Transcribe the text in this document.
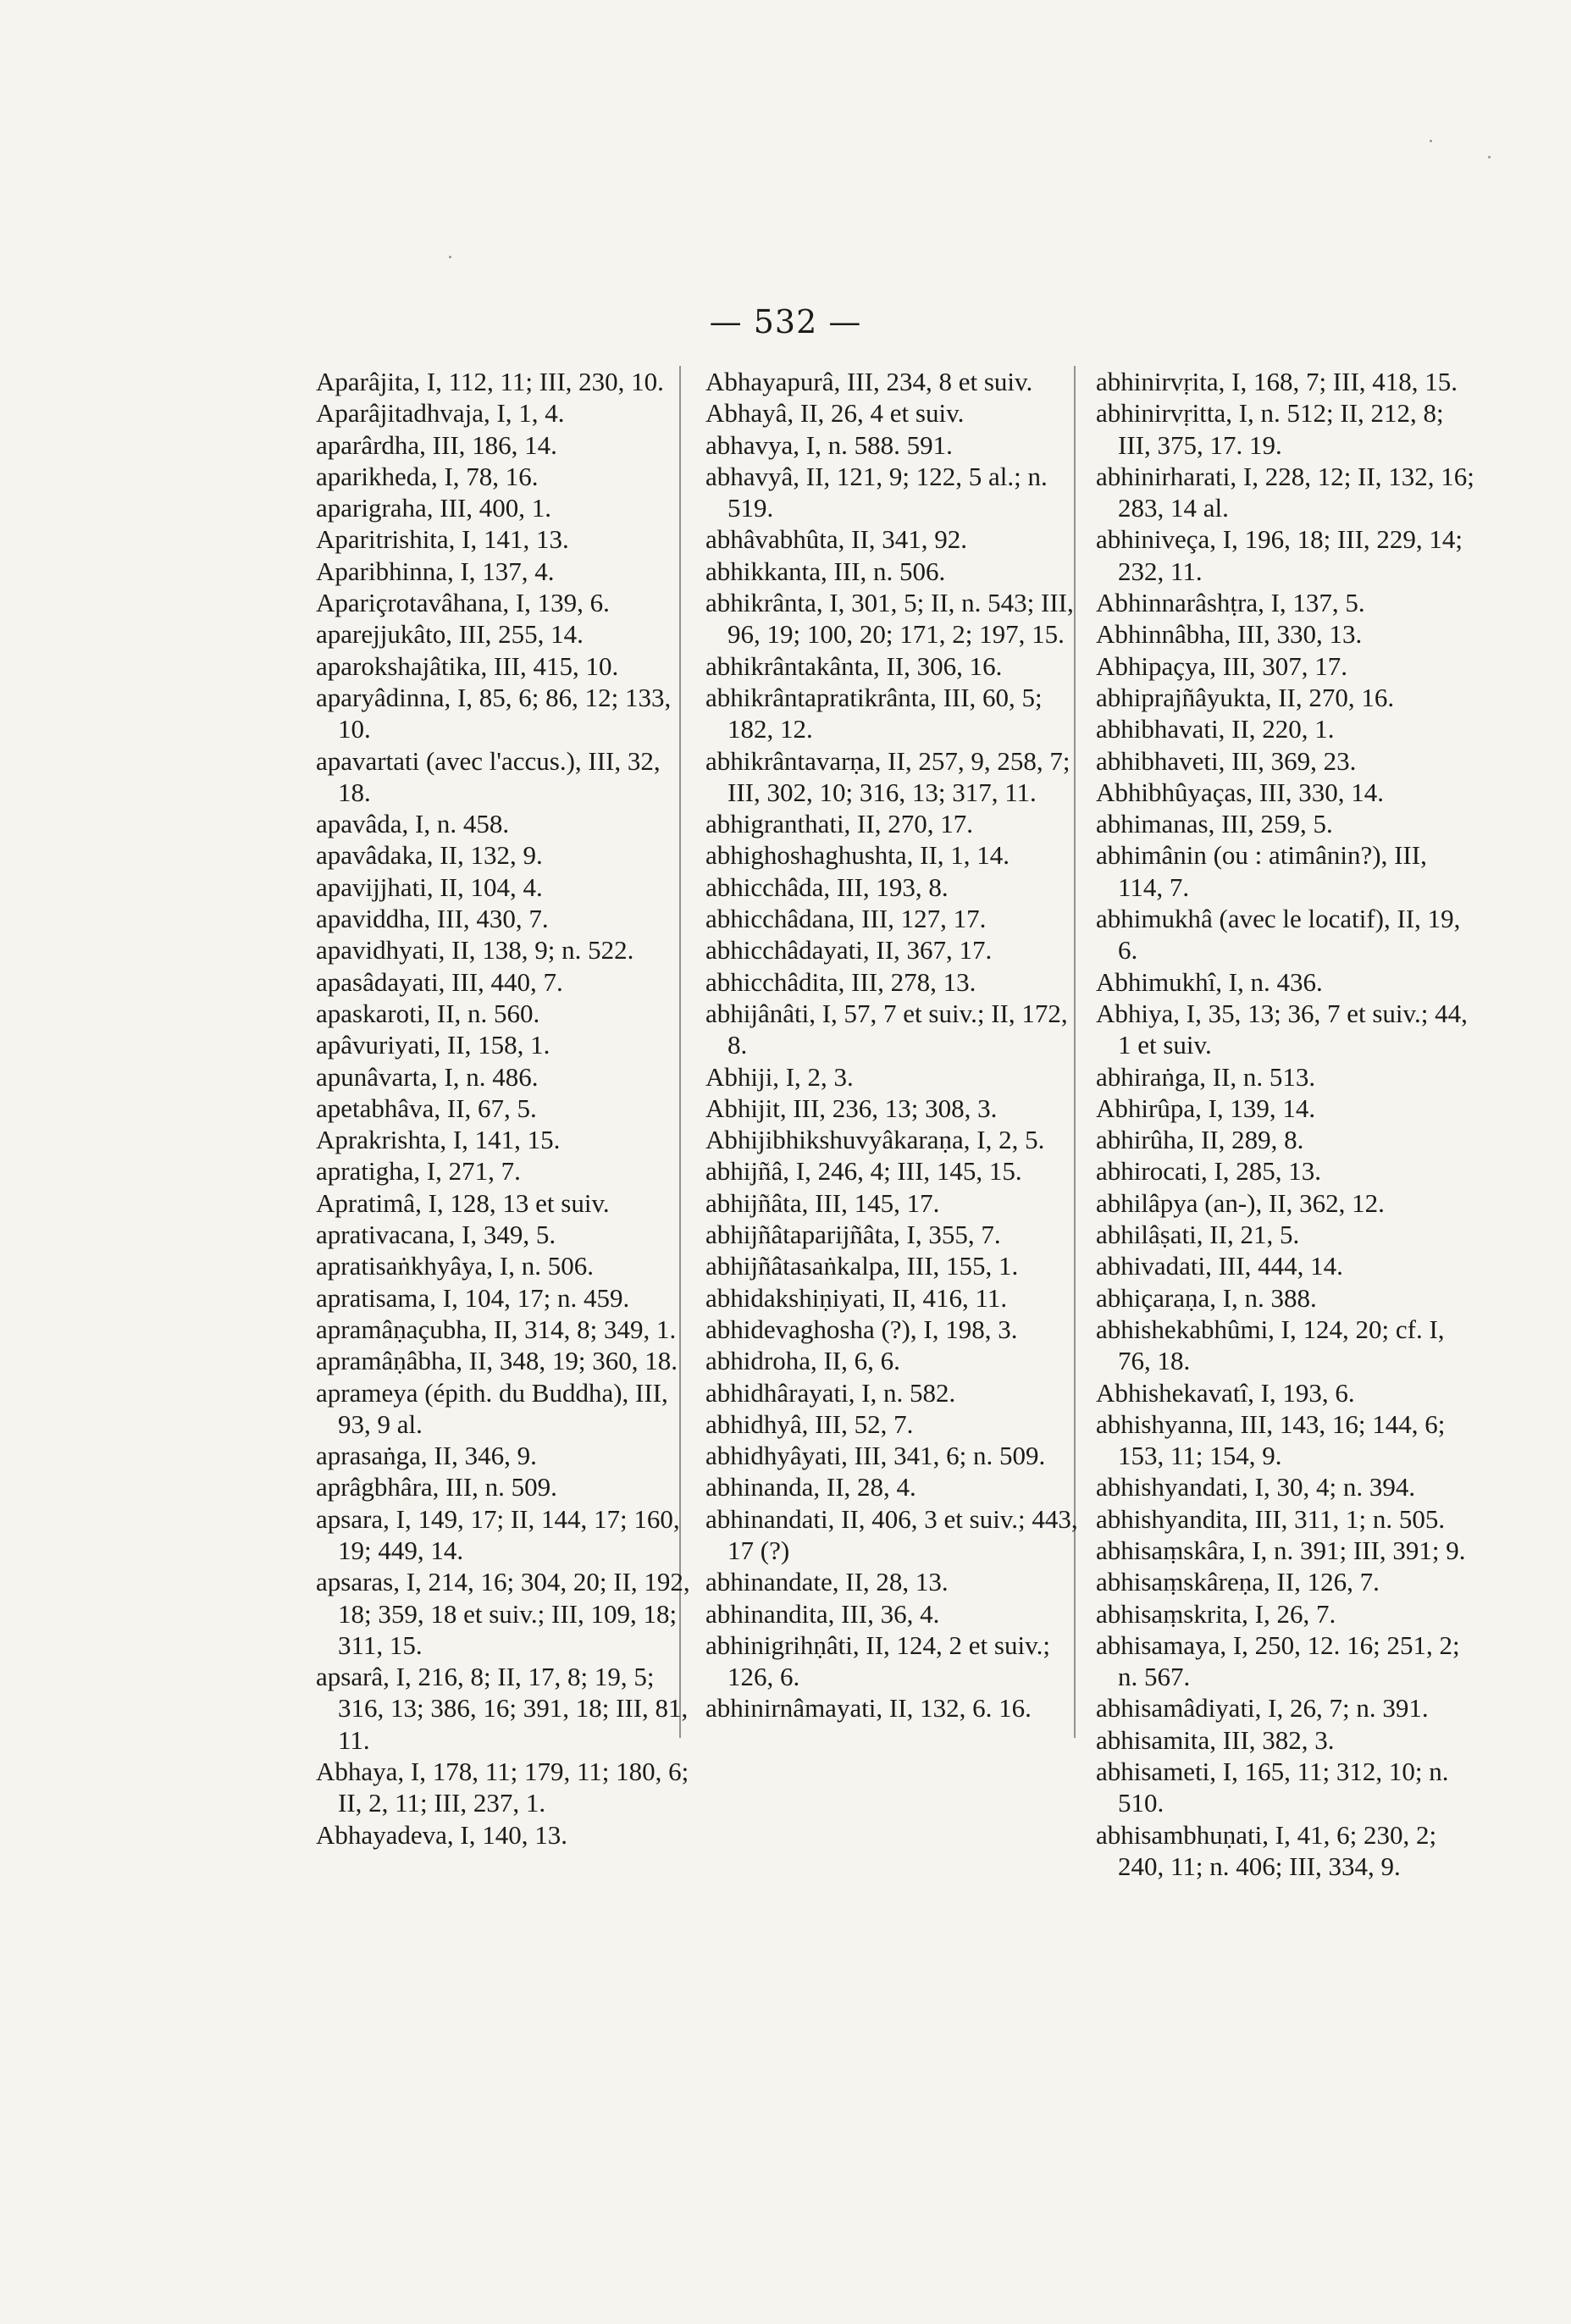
— 532 —
Aparâjita, I, 112, 11; III, 230, 10.
Aparâjitadhvaja, I, 1, 4.
aparârdha, III, 186, 14.
aparikheda, I, 78, 16.
aparigraha, III, 400, 1.
Aparitrishita, I, 141, 13.
Aparibhinna, I, 137, 4.
Apariçrotavâhana, I, 139, 6.
aparejjukâto, III, 255, 14.
aparokshajâtika, III, 415, 10.
aparyâdinna, I, 85, 6; 86, 12; 133, 10.
apavartati (avec l'accus.), III, 32, 18.
apavâda, I, n. 458.
apavâdaka, II, 132, 9.
apavijjhati, II, 104, 4.
apaviddha, III, 430, 7.
apavidhyati, II, 138, 9; n. 522.
apasâdayati, III, 440, 7.
apaskaroti, II, n. 560.
apâvuriyati, II, 158, 1.
apunâvarta, I, n. 486.
apetabhâva, II, 67, 5.
Aprakrishta, I, 141, 15.
apratigha, I, 271, 7.
Apratimâ, I, 128, 13 et suiv.
aprativacana, I, 349, 5.
apratisaṅkhyâya, I, n. 506.
apratisama, I, 104, 17; n. 459.
apramâṇaçubha, II, 314, 8; 349, 1.
apramâṇâbha, II, 348, 19; 360, 18.
aprameya (épith. du Buddha), III, 93, 9 al.
aprasaṅga, II, 346, 9.
aprâgbhâra, III, n. 509.
apsara, I, 149, 17; II, 144, 17; 160, 19; 449, 14.
apsaras, I, 214, 16; 304, 20; II, 192, 18; 359, 18 et suiv.; III, 109, 18; 311, 15.
apsarâ, I, 216, 8; II, 17, 8; 19, 5; 316, 13; 386, 16; 391, 18; III, 81, 11.
Abhaya, I, 178, 11; 179, 11; 180, 6; II, 2, 11; III, 237, 1.
Abhayadeva, I, 140, 13.
Abhayapurâ, III, 234, 8 et suiv.
Abhayâ, II, 26, 4 et suiv.
abhavya, I, n. 588. 591.
abhavyâ, II, 121, 9; 122, 5 al.; n. 519.
abhâvabhûta, II, 341, 92.
abhikkanta, III, n. 506.
abhikrânta, I, 301, 5; II, n. 543; III, 96, 19; 100, 20; 171, 2; 197, 15.
abhikrântakânta, II, 306, 16.
abhikrântapratikrânta, III, 60, 5; 182, 12.
abhikrântavarṇa, II, 257, 9, 258, 7; III, 302, 10; 316, 13; 317, 11.
abhigranthati, II, 270, 17.
abhighoshaghushta, II, 1, 14.
abhicchâda, III, 193, 8.
abhicchâdana, III, 127, 17.
abhicchâdayati, II, 367, 17.
abhicchâdita, III, 278, 13.
abhijânâti, I, 57, 7 et suiv.; II, 172, 8.
Abhiji, I, 2, 3.
Abhijit, III, 236, 13; 308, 3.
Abhijibhikshuvyâkaraṇa, I, 2, 5.
abhijñâ, I, 246, 4; III, 145, 15.
abhijñâta, III, 145, 17.
abhijñâtaparijñâta, I, 355, 7.
abhijñâtasaṅkalpa, III, 155, 1.
abhidakshiṇiyati, II, 416, 11.
abhidevaghosha (?), I, 198, 3.
abhidroha, II, 6, 6.
abhidhârayati, I, n. 582.
abhidhyâ, III, 52, 7.
abhidhyâyati, III, 341, 6; n. 509.
abhinanda, II, 28, 4.
abhinandati, II, 406, 3 et suiv.; 443, 17 (?)
abhinandate, II, 28, 13.
abhinandita, III, 36, 4.
abhinigrihṇâti, II, 124, 2 et suiv.; 126, 6.
abhinirnâmayati, II, 132, 6. 16.
abhinirvṛita, I, 168, 7; III, 418, 15.
abhinirvṛitta, I, n. 512; II, 212, 8; III, 375, 17. 19.
abhinirharati, I, 228, 12; II, 132, 16; 283, 14 al.
abhiniveça, I, 196, 18; III, 229, 14; 232, 11.
Abhinnarâshṭra, I, 137, 5.
Abhinnâbha, III, 330, 13.
Abhipaçya, III, 307, 17.
abhiprajñâyukta, II, 270, 16.
abhibhavati, II, 220, 1.
abhibhaveti, III, 369, 23.
Abhibhûyaças, III, 330, 14.
abhimanas, III, 259, 5.
abhimânin (ou : atimânin?), III, 114, 7.
abhimukhâ (avec le locatif), II, 19, 6.
Abhimukhî, I, n. 436.
Abhiya, I, 35, 13; 36, 7 et suiv.; 44, 1 et suiv.
abhiraṅga, II, n. 513.
Abhirûpa, I, 139, 14.
abhirûha, II, 289, 8.
abhirocati, I, 285, 13.
abhilâpya (an-), II, 362, 12.
abhilâṣati, II, 21, 5.
abhivadati, III, 444, 14.
abhiçaraṇa, I, n. 388.
abhishekabhûmi, I, 124, 20; cf. I, 76, 18.
Abhishekavatî, I, 193, 6.
abhishyanna, III, 143, 16; 144, 6; 153, 11; 154, 9.
abhishyandati, I, 30, 4; n. 394.
abhishyandita, III, 311, 1; n. 505.
abhisaṃskâra, I, n. 391; III, 391; 9.
abhisaṃskâreṇa, II, 126, 7.
abhisaṃskrita, I, 26, 7.
abhisamaya, I, 250, 12. 16; 251, 2; n. 567.
abhisamâdiyati, I, 26, 7; n. 391.
abhisamita, III, 382, 3.
abhisameti, I, 165, 11; 312, 10; n. 510.
abhisambhuṇati, I, 41, 6; 230, 2; 240, 11; n. 406; III, 334, 9.
